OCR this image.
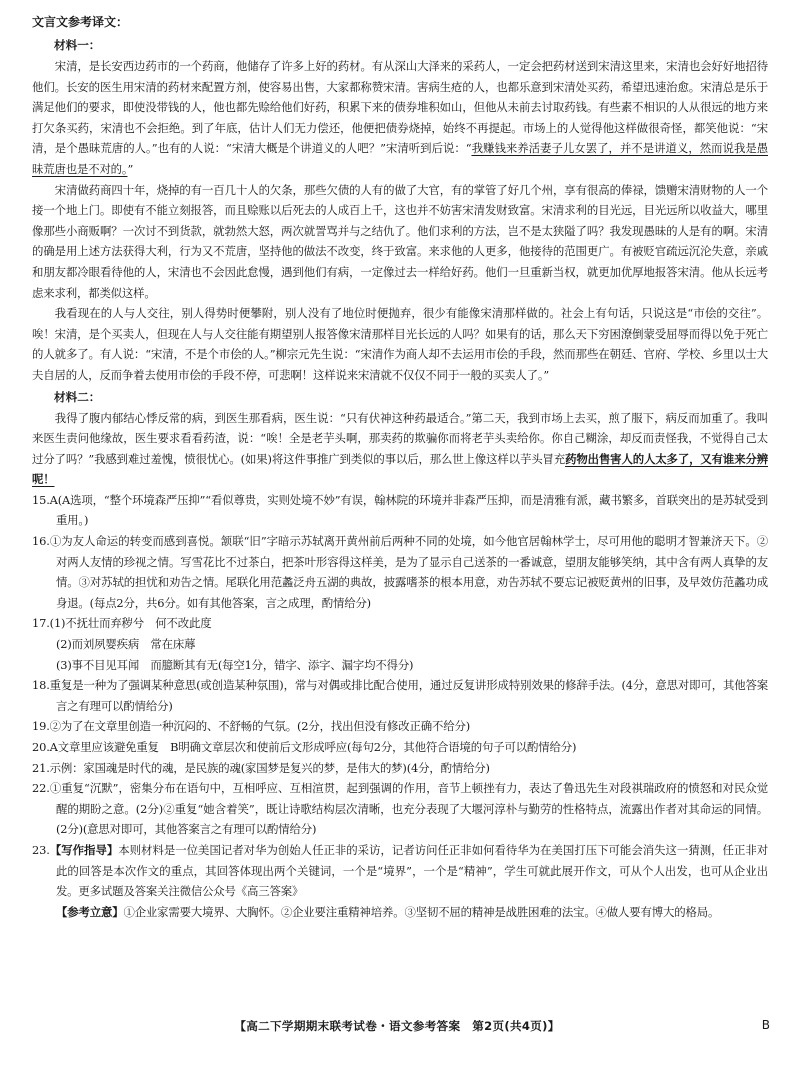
文言文参考译文：

材料一：

宋清，是长安西边药市的一个药商，他储存了许多上好的药材。有从深山大泽来的采药人，一定会把药材送到宋清这里来，宋清也会好好地招待他们。长安的医生用宋清的药材来配置方剂，使容易出售，大家都称赞宋清。害病生疮的人，也都乐意到宋清处买药，希望迅速治愈。宋清总是乐于满足他们的要求，即使没带钱的人，他也都先赊给他们好药，积累下来的债券堆积如山，但他从未前去讨取药钱。有些素不相识的人从很远的地方来打欠条买药，宋清也不会拒绝。到了年底，估计人们无力偿还，他便把债券烧掉，始终不再提起。市场上的人觉得他这样做很奇怪，都笑他说：“宋清，是个愚昧荒唐的人。”也有的人说：“宋清大概是个讲道义的人吧？”宋清听到后说：“我赚钱来养活妻子儿女罢了，并不是讲道义，然而说我是愚昧荒唐也是不对的。”

宋清做药商四十年，烧掉的有一百几十人的欠条，那些欠债的人有的做了大官，有的掌管了好几个州，享有很高的俸禄，馈赠宋清财物的人一个接一个地上门。即使有不能立刻报答，而且赊账以后死去的人成百上千，这也并不妨害宋清发财致富。宋清求利的目光远，目光远所以收益大，哪里像那些小商贩啊？一次讨不到货款，就勃然大怒，两次就詈骂并与之结仇了。他们求利的方法，岂不是太狭隘了吗？我发现愚昧的人是有的啊。宋清的确是用上述方法获得大利，行为又不荒唐，坚持他的做法不改变，终于致富。来求他的人更多，他接待的范围更广。有被贬官疏远沉沦失意，亲戚和朋友都冷眼看待他的人，宋清也不会因此怠慢，遇到他们有病，一定像过去一样给好药。他们一旦重新当权，就更加优厚地报答宋清。他从长远考虑来求利，都类似这样。

我看现在的人与人交往，别人得势时便攀附，别人没有了地位时便抛弃，很少有能像宋清那样做的。社会上有句话，只说这是“市侩的交往”。唉！宋清，是个买卖人，但现在人与人交往能有期望别人报答像宋清那样目光长远的人吗？如果有的话，那么天下穷困潦倒蒙受屈辱而得以免于死亡的人就多了。有人说：“宋清，不是个市侩的人。”柳宗元先生说：“宋清作为商人却不去运用市侩的手段，然而那些在朝廷、官府、学校、乡里以士大夫自居的人，反而争着去使用市侩的手段不停，可悲啊！这样说来宋清就不仅仅不同于一般的买卖人了。”

材料二：

我得了腹内郁结心悸反常的病，到医生那看病，医生说：“只有伏神这种药最适合。”第二天，我到市场上去买，煎了服下，病反而加重了。我叫来医生责问他缘故，医生要求看看药渣，说：“唉！全是老芋头啊，那卖药的欺骗你而将老芋头卖给你。你自己糊涂，却反而责怪我，不觉得自己太过分了吗？”我感到难过羞愧，愤很忧心。(如果)将这件事推广到类似的事以后，那么世上像这样以芋头冒充药物出售害人的人太多了，又有谁来分辨呢！

15.A(A选项，“整个环境森严压抑”“看似尊贵，实则处境不妙”有误，翰林院的环境并非森严压抑，而是清雅有派，藏书繁多，首联突出的是苏轼受到重用。)

16.①为友人命运的转变而感到喜悦。颔联“旧”字暗示苏轼离开黄州前后两种不同的处境，如今他官居翰林学士，尽可用他的聪明才智兼济天下。②对两人友情的珍视之情。写雪花比不过茶白，把茶叶形容得这样美，是为了显示自己送茶的一番诚意，望朋友能够笑纳，其中含有两人真挚的友情。③对苏轼的担忧和劝告之情。尾联化用范蠡泛舟五湖的典故，披露嗜茶的根本用意，劝告苏轼不要忘记被贬黄州的旧事，及早效仿范蠡功成身退。(每点2分，共6分。如有其他答案，言之成理，酌情给分)

17.(1)不抚壮而弃秽兮　何不改此度

(2)而刘夙婴疾病　常在床蓐

(3)事不目见耳闻　而臆断其有无(每空1分，错字、添字、漏字均不得分)

18.重复是一种为了强调某种意思(或创造某种氛围)，常与对偶或排比配合使用，通过反复讲形成特别效果的修辞手法。(4分，意思对即可，其他答案言之有理可以酌情给分)

19.②为了在文章里创造一种沉闷的、不舒畅的气氛。(2分，找出但没有修改正确不给分)

20.A文章里应该避免重复　B明确文章层次和使前后文形成呼应(每句2分，其他符合语境的句子可以酌情给分)

21.示例：家国魂是时代的魂，是民族的魂(家国梦是复兴的梦，是伟大的梦)(4分，酌情给分)

22.①重复“沉默”，密集分布在语句中，互相呼应、互相渲贯，起到强调的作用，音节上顿挫有力，表达了鲁迅先生对段祺瑞政府的愤怒和对民众觉醒的期盼之意。(2分)②重复“她含着笑”，既让诗歌结构层次清晰，也充分表现了大堰河淳朴与勤劳的性格特点，流露出作者对其命运的同情。(2分)(意思对即可，其他答案言之有理可以酌情给分)

23.【写作指导】本则材料是一位美国记者对华为创始人任正非的采访，记者访问任正非如何看待华为在美国打压下可能会消失这一猜测，任正非对此的回答是本次作文的重点，其回答体现出两个关键词，一个是“境界”，一个是“精神”，学生可就此展开作文，可从个人出发，也可从企业出发。更多试题及答案关注微信公众号《高三答案》

【参考立意】①企业家需要大境界、大胸怀。②企业要注重精神培养。③坚韧不屈的精神是战胜困难的法宝。④做人要有博大的格局。

【高二下学期期末联考试卷・语文参考答案　第2页(共4页)】	B
